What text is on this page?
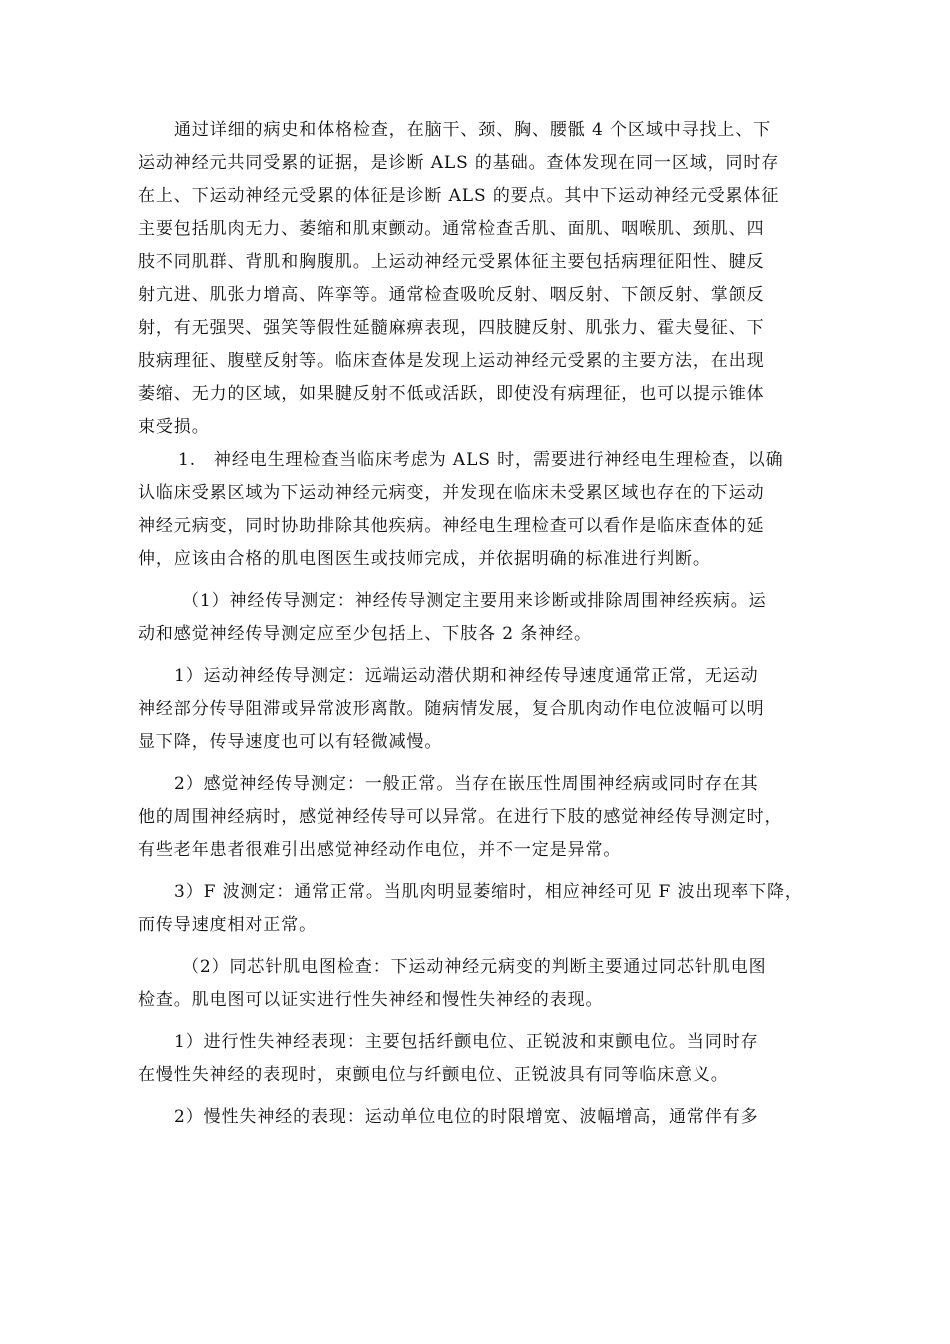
通过详细的病史和体格检查，在脑干、颈、胸、腰骶 4 个区域中寻找上、下
运动神经元共同受累的证据，是诊断 ALS 的基础。查体发现在同一区域，同时存
在上、下运动神经元受累的体征是诊断 ALS 的要点。其中下运动神经元受累体征
主要包括肌肉无力、萎缩和肌束颤动。通常检查舌肌、面肌、咽喉肌、颈肌、四
肢不同肌群、背肌和胸腹肌。上运动神经元受累体征主要包括病理征阳性、腱反
射亢进、肌张力增高、阵挛等。通常检查吸吮反射、咽反射、下颌反射、掌颌反
射，有无强哭、强笑等假性延髓麻痹表现，四肢腱反射、肌张力、霍夫曼征、下
肢病理征、腹壁反射等。临床查体是发现上运动神经元受累的主要方法，在出现
萎缩、无力的区域，如果腱反射不低或活跃，即使没有病理征，也可以提示锥体
束受损。

1.　神经电生理检查当临床考虑为 ALS 时，需要进行神经电生理检查，以确
认临床受累区域为下运动神经元病变，并发现在临床未受累区域也存在的下运动
神经元病变，同时协助排除其他疾病。神经电生理检查可以看作是临床查体的延
伸，应该由合格的肌电图医生或技师完成，并依据明确的标准进行判断。

（1）神经传导测定：神经传导测定主要用来诊断或排除周围神经疾病。运
动和感觉神经传导测定应至少包括上、下肢各 2 条神经。

1）运动神经传导测定：远端运动潜伏期和神经传导速度通常正常，无运动
神经部分传导阻滞或异常波形离散。随病情发展，复合肌肉动作电位波幅可以明
显下降，传导速度也可以有轻微减慢。

2）感觉神经传导测定：一般正常。当存在嵌压性周围神经病或同时存在其
他的周围神经病时，感觉神经传导可以异常。在进行下肢的感觉神经传导测定时，
有些老年患者很难引出感觉神经动作电位，并不一定是异常。

3）F 波测定：通常正常。当肌肉明显萎缩时，相应神经可见 F 波出现率下降，
而传导速度相对正常。

（2）同芯针肌电图检查：下运动神经元病变的判断主要通过同芯针肌电图
检查。肌电图可以证实进行性失神经和慢性失神经的表现。

1）进行性失神经表现：主要包括纤颤电位、正锐波和束颤电位。当同时存
在慢性失神经的表现时，束颤电位与纤颤电位、正锐波具有同等临床意义。

2）慢性失神经的表现：运动单位电位的时限增宽、波幅增高，通常伴有多
